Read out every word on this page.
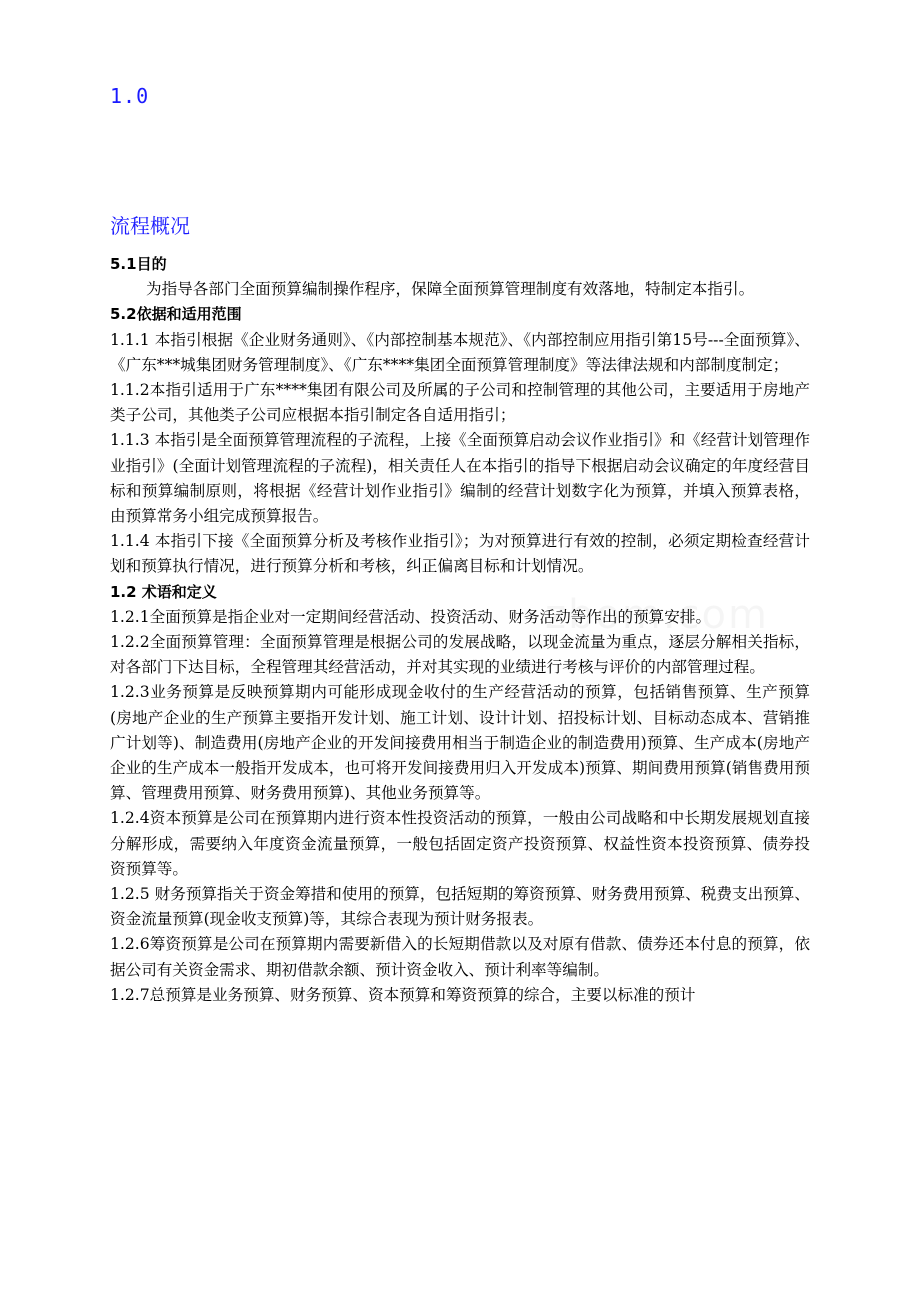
1.0
流程概况

5.1目的

为指导各部门全面预算编制操作程序，保障全面预算管理制度有效落地，特制定本指引。

5.2依据和适用范围

1.1.1 本指引根据《企业财务通则》、《内部控制基本规范》、《内部控制应用指引第15号---全面预算》、《广东***城集团财务管理制度》、《广东****集团全面预算管理制度》等法律法规和内部制度制定；

1.1.2本指引适用于广东****集团有限公司及所属的子公司和控制管理的其他公司，主要适用于房地产类子公司，其他类子公司应根据本指引制定各自适用指引；

1.1.3 本指引是全面预算管理流程的子流程，上接《全面预算启动会议作业指引》和《经营计划管理作业指引》(全面计划管理流程的子流程)，相关责任人在本指引的指导下根据启动会议确定的年度经营目标和预算编制原则，将根据《经营计划作业指引》编制的经营计划数字化为预算，并填入预算表格，由预算常务小组完成预算报告。

1.1.4 本指引下接《全面预算分析及考核作业指引》；为对预算进行有效的控制，必须定期检查经营计划和预算执行情况，进行预算分析和考核，纠正偏离目标和计划情况。

1.2 术语和定义

1.2.1全面预算是指企业对一定期间经营活动、投资活动、财务活动等作出的预算安排。

1.2.2全面预算管理：全面预算管理是根据公司的发展战略，以现金流量为重点，逐层分解相关指标，对各部门下达目标，全程管理其经营活动，并对其实现的业绩进行考核与评价的内部管理过程。

1.2.3业务预算是反映预算期内可能形成现金收付的生产经营活动的预算，包括销售预算、生产预算(房地产企业的生产预算主要指开发计划、施工计划、设计计划、招投标计划、目标动态成本、营销推广计划等)、制造费用(房地产企业的开发间接费用相当于制造企业的制造费用)预算、生产成本(房地产企业的生产成本一般指开发成本，也可将开发间接费用归入开发成本)预算、期间费用预算(销售费用预算、管理费用预算、财务费用预算)、其他业务预算等。

1.2.4资本预算是公司在预算期内进行资本性投资活动的预算，一般由公司战略和中长期发展规划直接分解形成，需要纳入年度资金流量预算，一般包括固定资产投资预算、权益性资本投资预算、债券投资预算等。

1.2.5 财务预算指关于资金筹措和使用的预算，包括短期的筹资预算、财务费用预算、税费支出预算、资金流量预算(现金收支预算)等，其综合表现为预计财务报表。

1.2.6筹资预算是公司在预算期内需要新借入的长短期借款以及对原有借款、债券还本付息的预算，依据公司有关资金需求、期初借款余额、预计资金收入、预计利率等编制。

1.2.7总预算是业务预算、财务预算、资本预算和筹资预算的综合，主要以标准的预计
